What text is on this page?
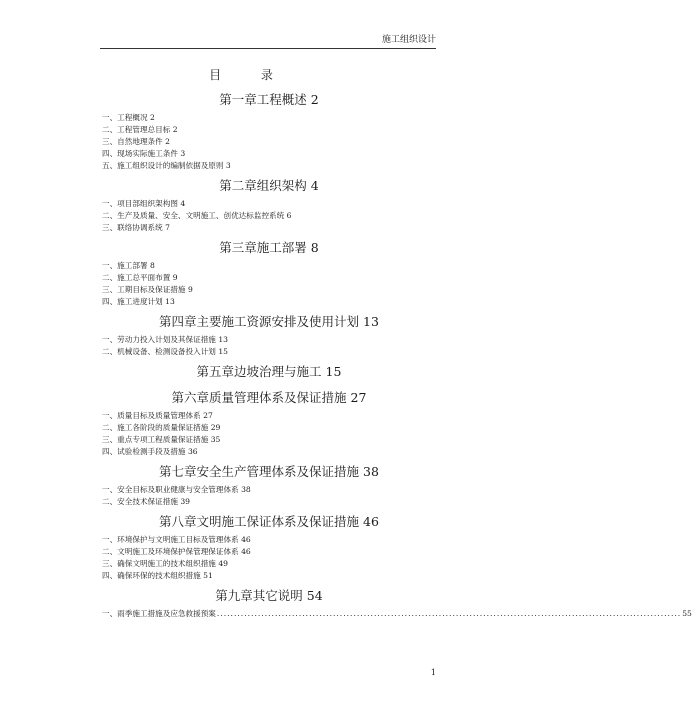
施工组织设计
目 录
第一章工程概述 2
一、工程概况 2
二、工程管理总目标 2
三、自然地理条件 2
四、现场实际施工条件 3
五、施工组织设计的编制依据及原则 3
第二章组织架构 4
一、项目部组织架构图 4
二、生产及质量、安全、文明施工、创优达标监控系统 6
三、联络协调系统 7
第三章施工部署 8
一、施工部署 8
二、施工总平面布置 9
三、工期目标及保证措施 9
四、施工进度计划 13
第四章主要施工资源安排及使用计划 13
一、劳动力投入计划及其保证措施 13
二、机械设备、检测设备投入计划 15
第五章边坡治理与施工 15
第六章质量管理体系及保证措施 27
一、质量目标及质量管理体系 27
二、施工各阶段的质量保证措施 29
三、重点专项工程质量保证措施 35
四、试验检测手段及措施 36
第七章安全生产管理体系及保证措施 38
一、安全目标及职业健康与安全管理体系 38
二、安全技术保证措施 39
第八章文明施工保证体系及保证措施 46
一、环境保护与文明施工目标及管理体系 46
二、文明施工及环境保护保管理保证体系 46
三、确保文明施工的技术组织措施 49
四、确保环保的技术组织措施 51
第九章其它说明 54
一、雨季施工措施及应急救援预案 ........................................................................................................................................ 55
1
